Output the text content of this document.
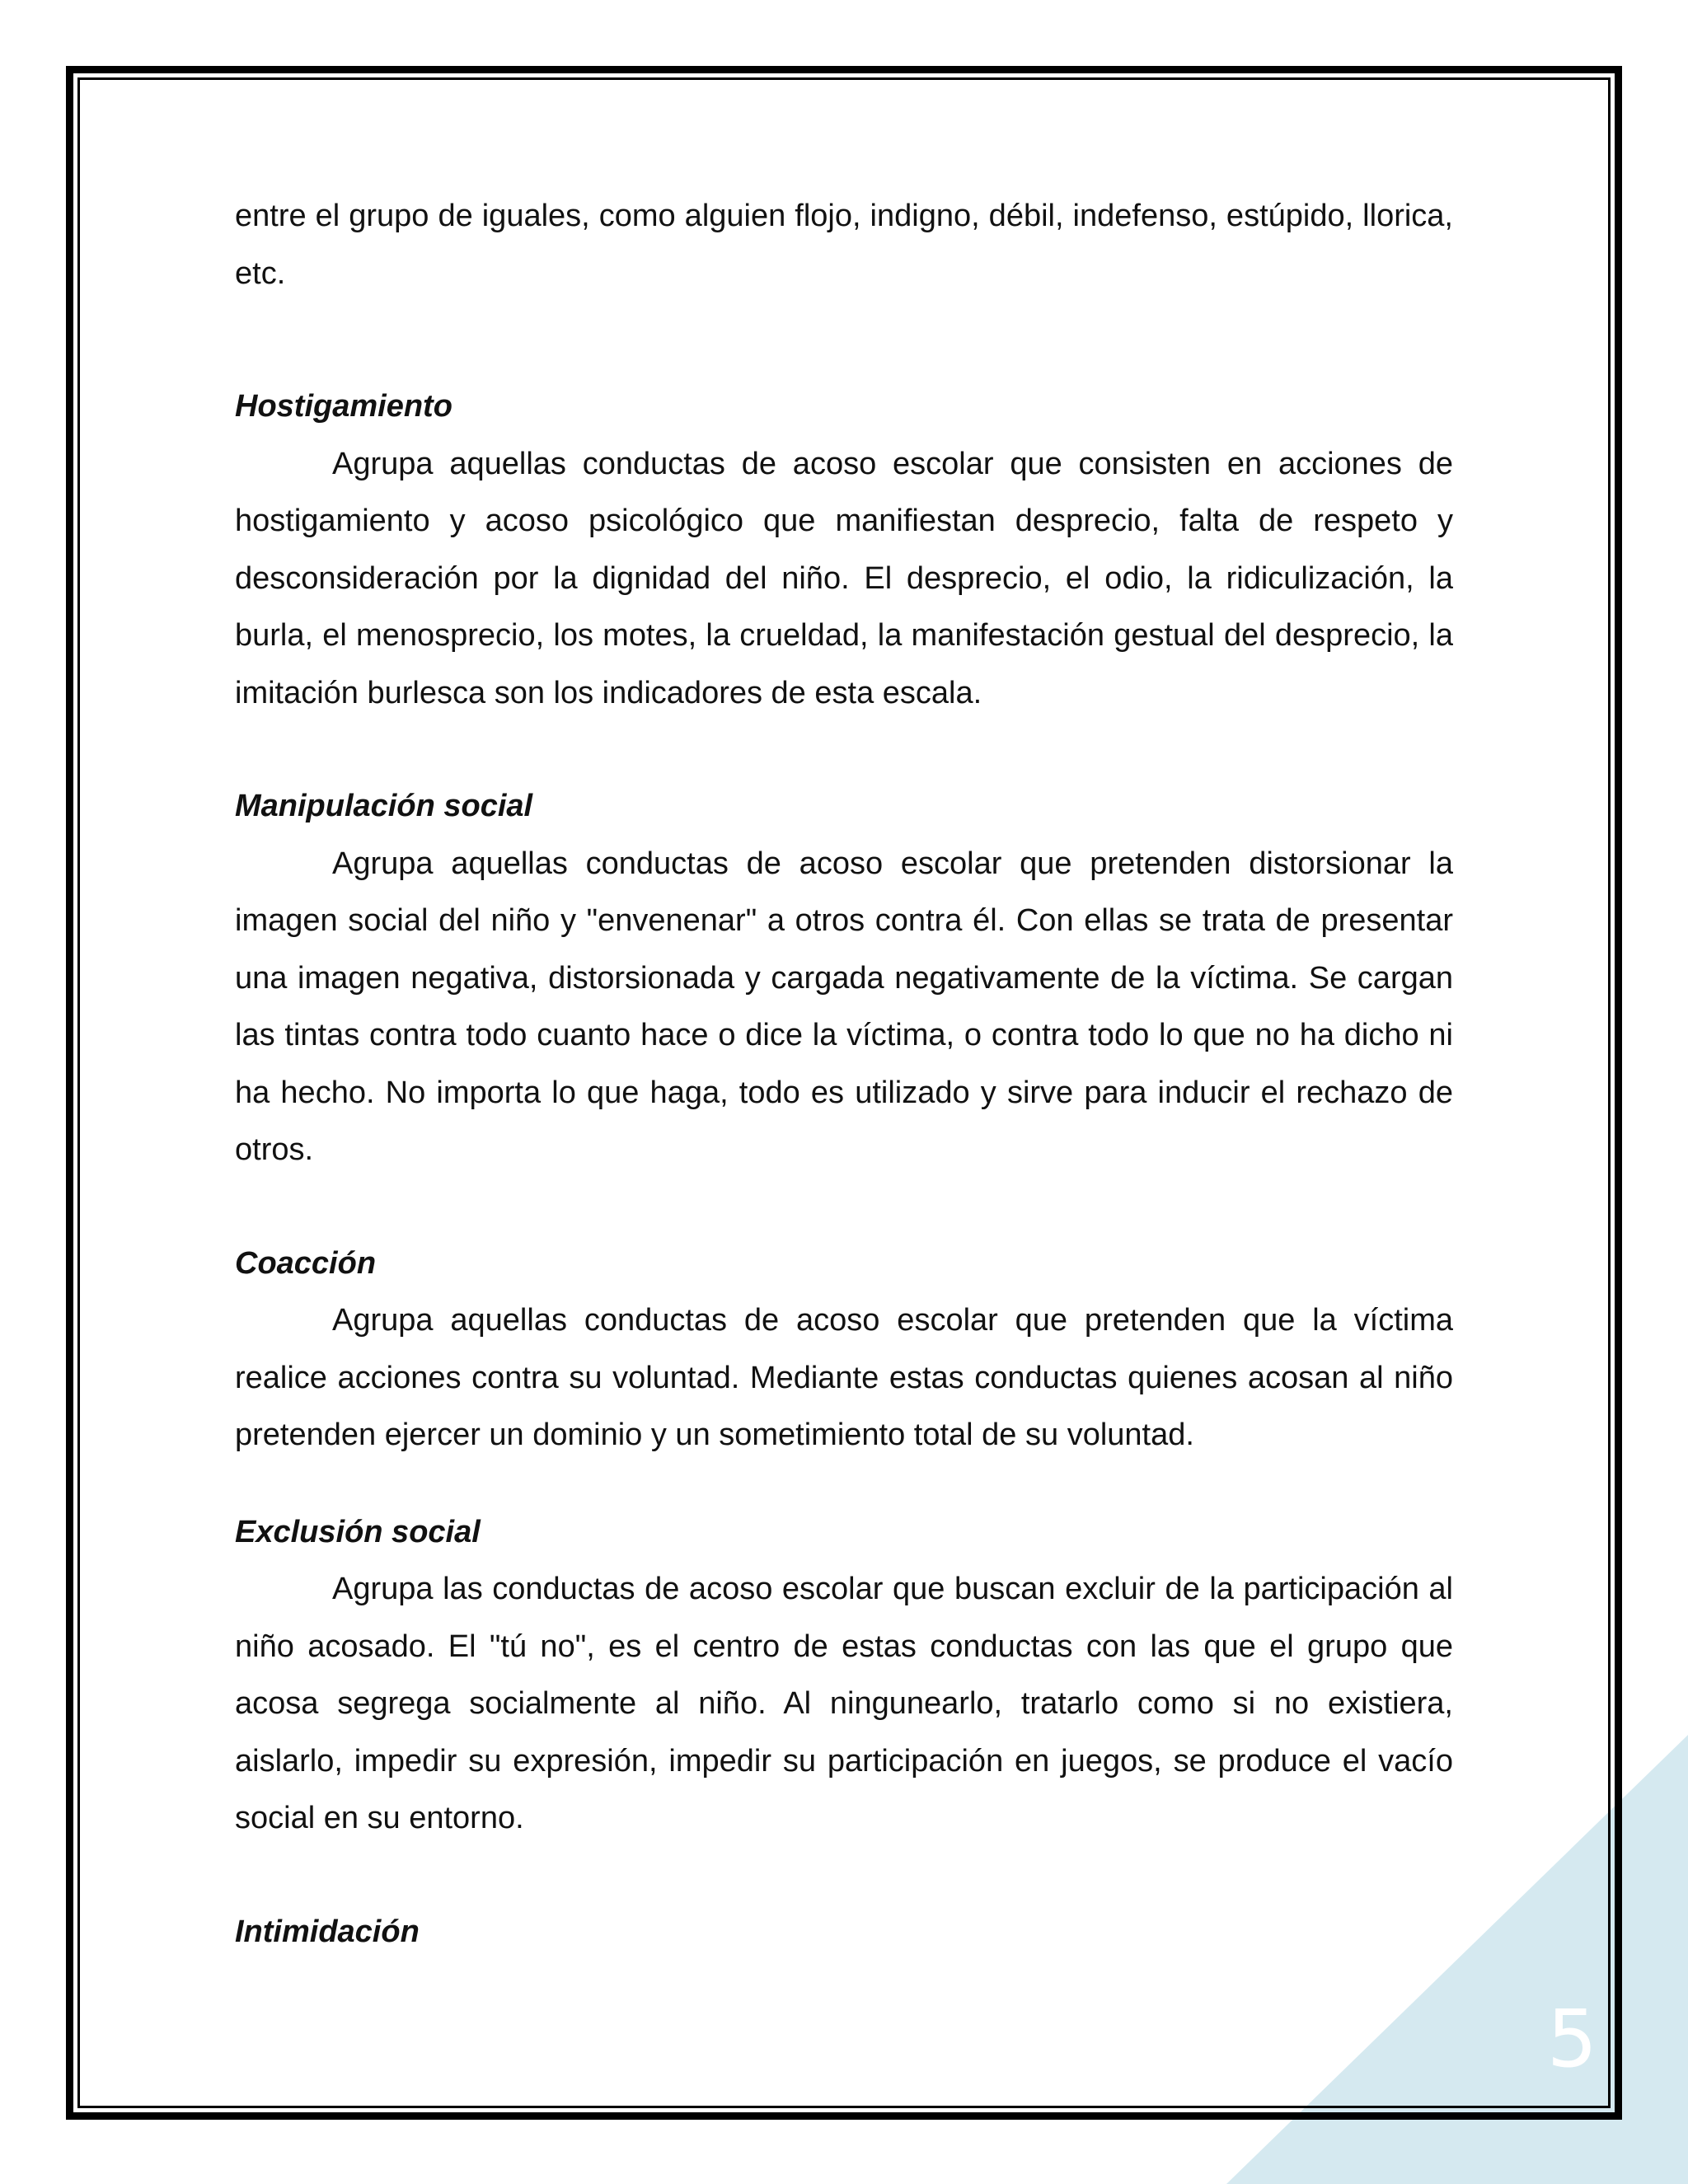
entre el grupo de iguales, como alguien flojo, indigno, débil, indefenso, estúpido, llorica, etc.

Hostigamiento

Agrupa aquellas conductas de acoso escolar que consisten en acciones de hostigamiento y acoso psicológico que manifiestan desprecio, falta de respeto y desconsideración por la dignidad del niño. El desprecio, el odio, la ridiculización, la burla, el menosprecio, los motes, la crueldad, la manifestación gestual del desprecio, la imitación burlesca son los indicadores de esta escala.

Manipulación social

Agrupa aquellas conductas de acoso escolar que pretenden distorsionar la imagen social del niño y "envenenar" a otros contra él. Con ellas se trata de presentar una imagen negativa, distorsionada y cargada negativamente de la víctima. Se cargan las tintas contra todo cuanto hace o dice la víctima, o contra todo lo que no ha dicho ni ha hecho. No importa lo que haga, todo es utilizado y sirve para inducir el rechazo de otros.

Coacción

Agrupa aquellas conductas de acoso escolar que pretenden que la víctima realice acciones contra su voluntad. Mediante estas conductas quienes acosan al niño pretenden ejercer un dominio y un sometimiento total de su voluntad.

Exclusión social

Agrupa las conductas de acoso escolar que buscan excluir de la participación al niño acosado. El "tú no", es el centro de estas conductas con las que el grupo que acosa segrega socialmente al niño. Al ningunearlo, tratarlo como si no existiera, aislarlo, impedir su expresión, impedir su participación en juegos, se produce el vacío social en su entorno.

Intimidación

5
